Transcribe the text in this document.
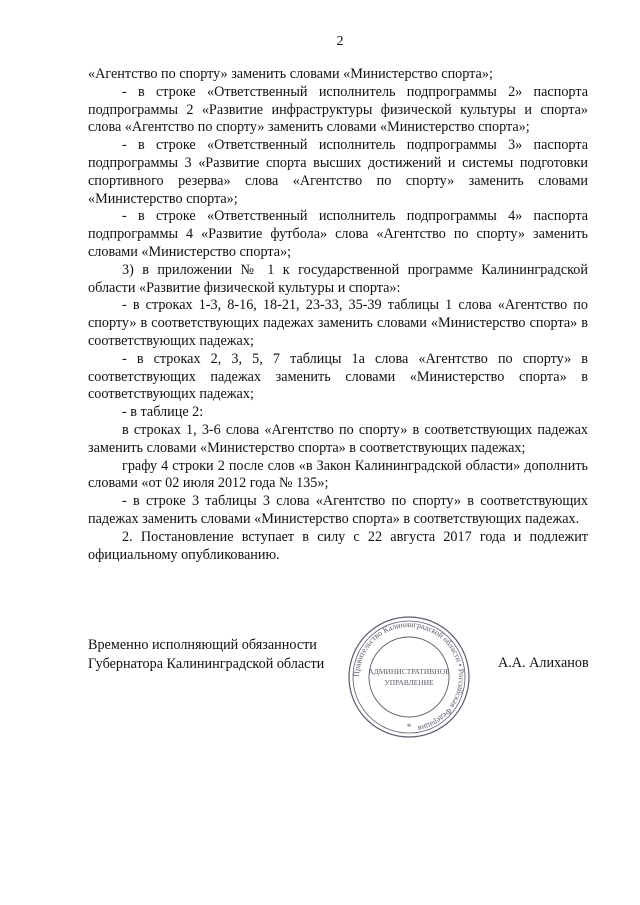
2

«Агентство по спорту» заменить словами «Министерство спорта»;

- в строке «Ответственный исполнитель подпрограммы 2» паспорта подпрограммы 2 «Развитие инфраструктуры физической культуры и спорта» слова «Агентство по спорту» заменить словами «Министерство спорта»;

- в строке «Ответственный исполнитель подпрограммы 3» паспорта подпрограммы 3 «Развитие спорта высших достижений и системы подготовки спортивного резерва» слова «Агентство по спорту» заменить словами «Министерство спорта»;

- в строке «Ответственный исполнитель подпрограммы 4» паспорта подпрограммы 4 «Развитие футбола» слова «Агентство по спорту» заменить словами «Министерство спорта»;

3) в приложении № 1 к государственной программе Калининградской области «Развитие физической культуры и спорта»:

- в строках 1-3, 8-16, 18-21, 23-33, 35-39 таблицы 1 слова «Агентство по спорту» в соответствующих падежах заменить словами «Министерство спорта» в соответствующих падежах;

- в строках 2, 3, 5, 7 таблицы 1а слова «Агентство по спорту» в соответствующих падежах заменить словами «Министерство спорта» в соответствующих падежах;

- в таблице 2:

в строках 1, 3-6 слова «Агентство по спорту» в соответствующих падежах заменить словами «Министерство спорта» в соответствующих падежах;

графу 4 строки 2 после слов «в Закон Калининградской области» дополнить словами «от 02 июля 2012 года № 135»;

- в строке 3 таблицы 3 слова «Агентство по спорту» в соответствующих падежах заменить словами «Министерство спорта» в соответствующих падежах.

2. Постановление вступает в силу с 22 августа 2017 года и подлежит официальному опубликованию.

Временно исполняющий обязанности
Губернатора Калининградской области
Правительство Калининградской области • Российская Федерация
АДМИНИСТРАТИВНОЕ
УПРАВЛЕНИЕ
*
А.А. Алиханов
